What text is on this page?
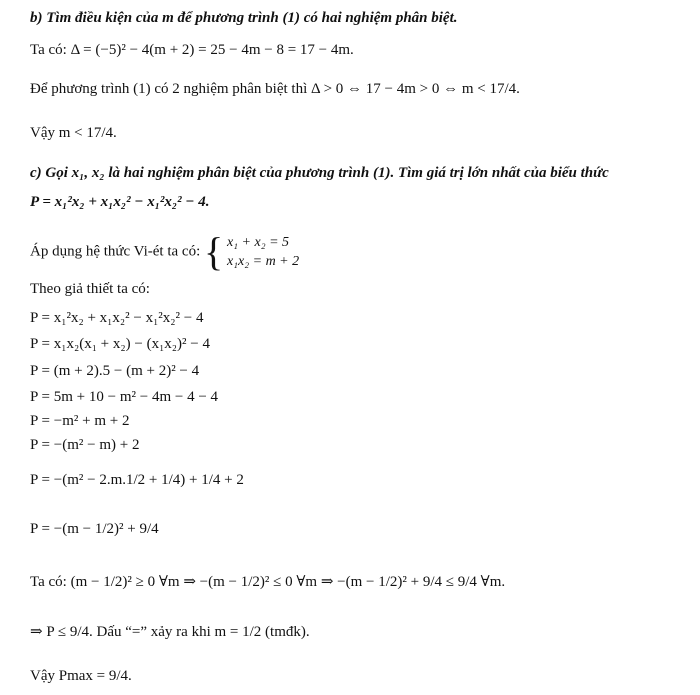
b) Tìm điều kiện của m để phương trình (1) có hai nghiệm phân biệt.
Ta có: Δ = (−5)² − 4(m + 2) = 25 − 4m − 8 = 17 − 4m.
Để phương trình (1) có 2 nghiệm phân biệt thì Δ > 0 ⇔ 17 − 4m > 0 ⇔ m < 17/4.
Vậy m < 17/4.
c) Gọi x₁, x₂ là hai nghiệm phân biệt của phương trình (1). Tìm giá trị lớn nhất của biểu thức
P = x₁²x₂ + x₁x₂² − x₁²x₂² − 4.
Áp dụng hệ thức Vi-ét ta có: { x₁ + x₂ = 5
x₁x₂ = m + 2
Theo giả thiết ta có:
P = x₁²x₂ + x₁x₂² − x₁²x₂² − 4
P = x₁x₂(x₁ + x₂) − (x₁x₂)² − 4
P = (m + 2).5 − (m + 2)² − 4
P = 5m + 10 − m² − 4m − 4 − 4
P = −m² + m + 2
P = −(m² − m) + 2
P = −(m² − 2.m.1/2 + 1/4) + 1/4 + 2
P = −(m − 1/2)² + 9/4
Ta có: (m − 1/2)² ≥ 0 ∀m ⇒ −(m − 1/2)² ≤ 0 ∀m ⇒ −(m − 1/2)² + 9/4 ≤ 9/4 ∀m.
⇒ P ≤ 9/4. Dấu “=” xảy ra khi m = 1/2 (tmđk).
Vậy Pmax = 9/4.
